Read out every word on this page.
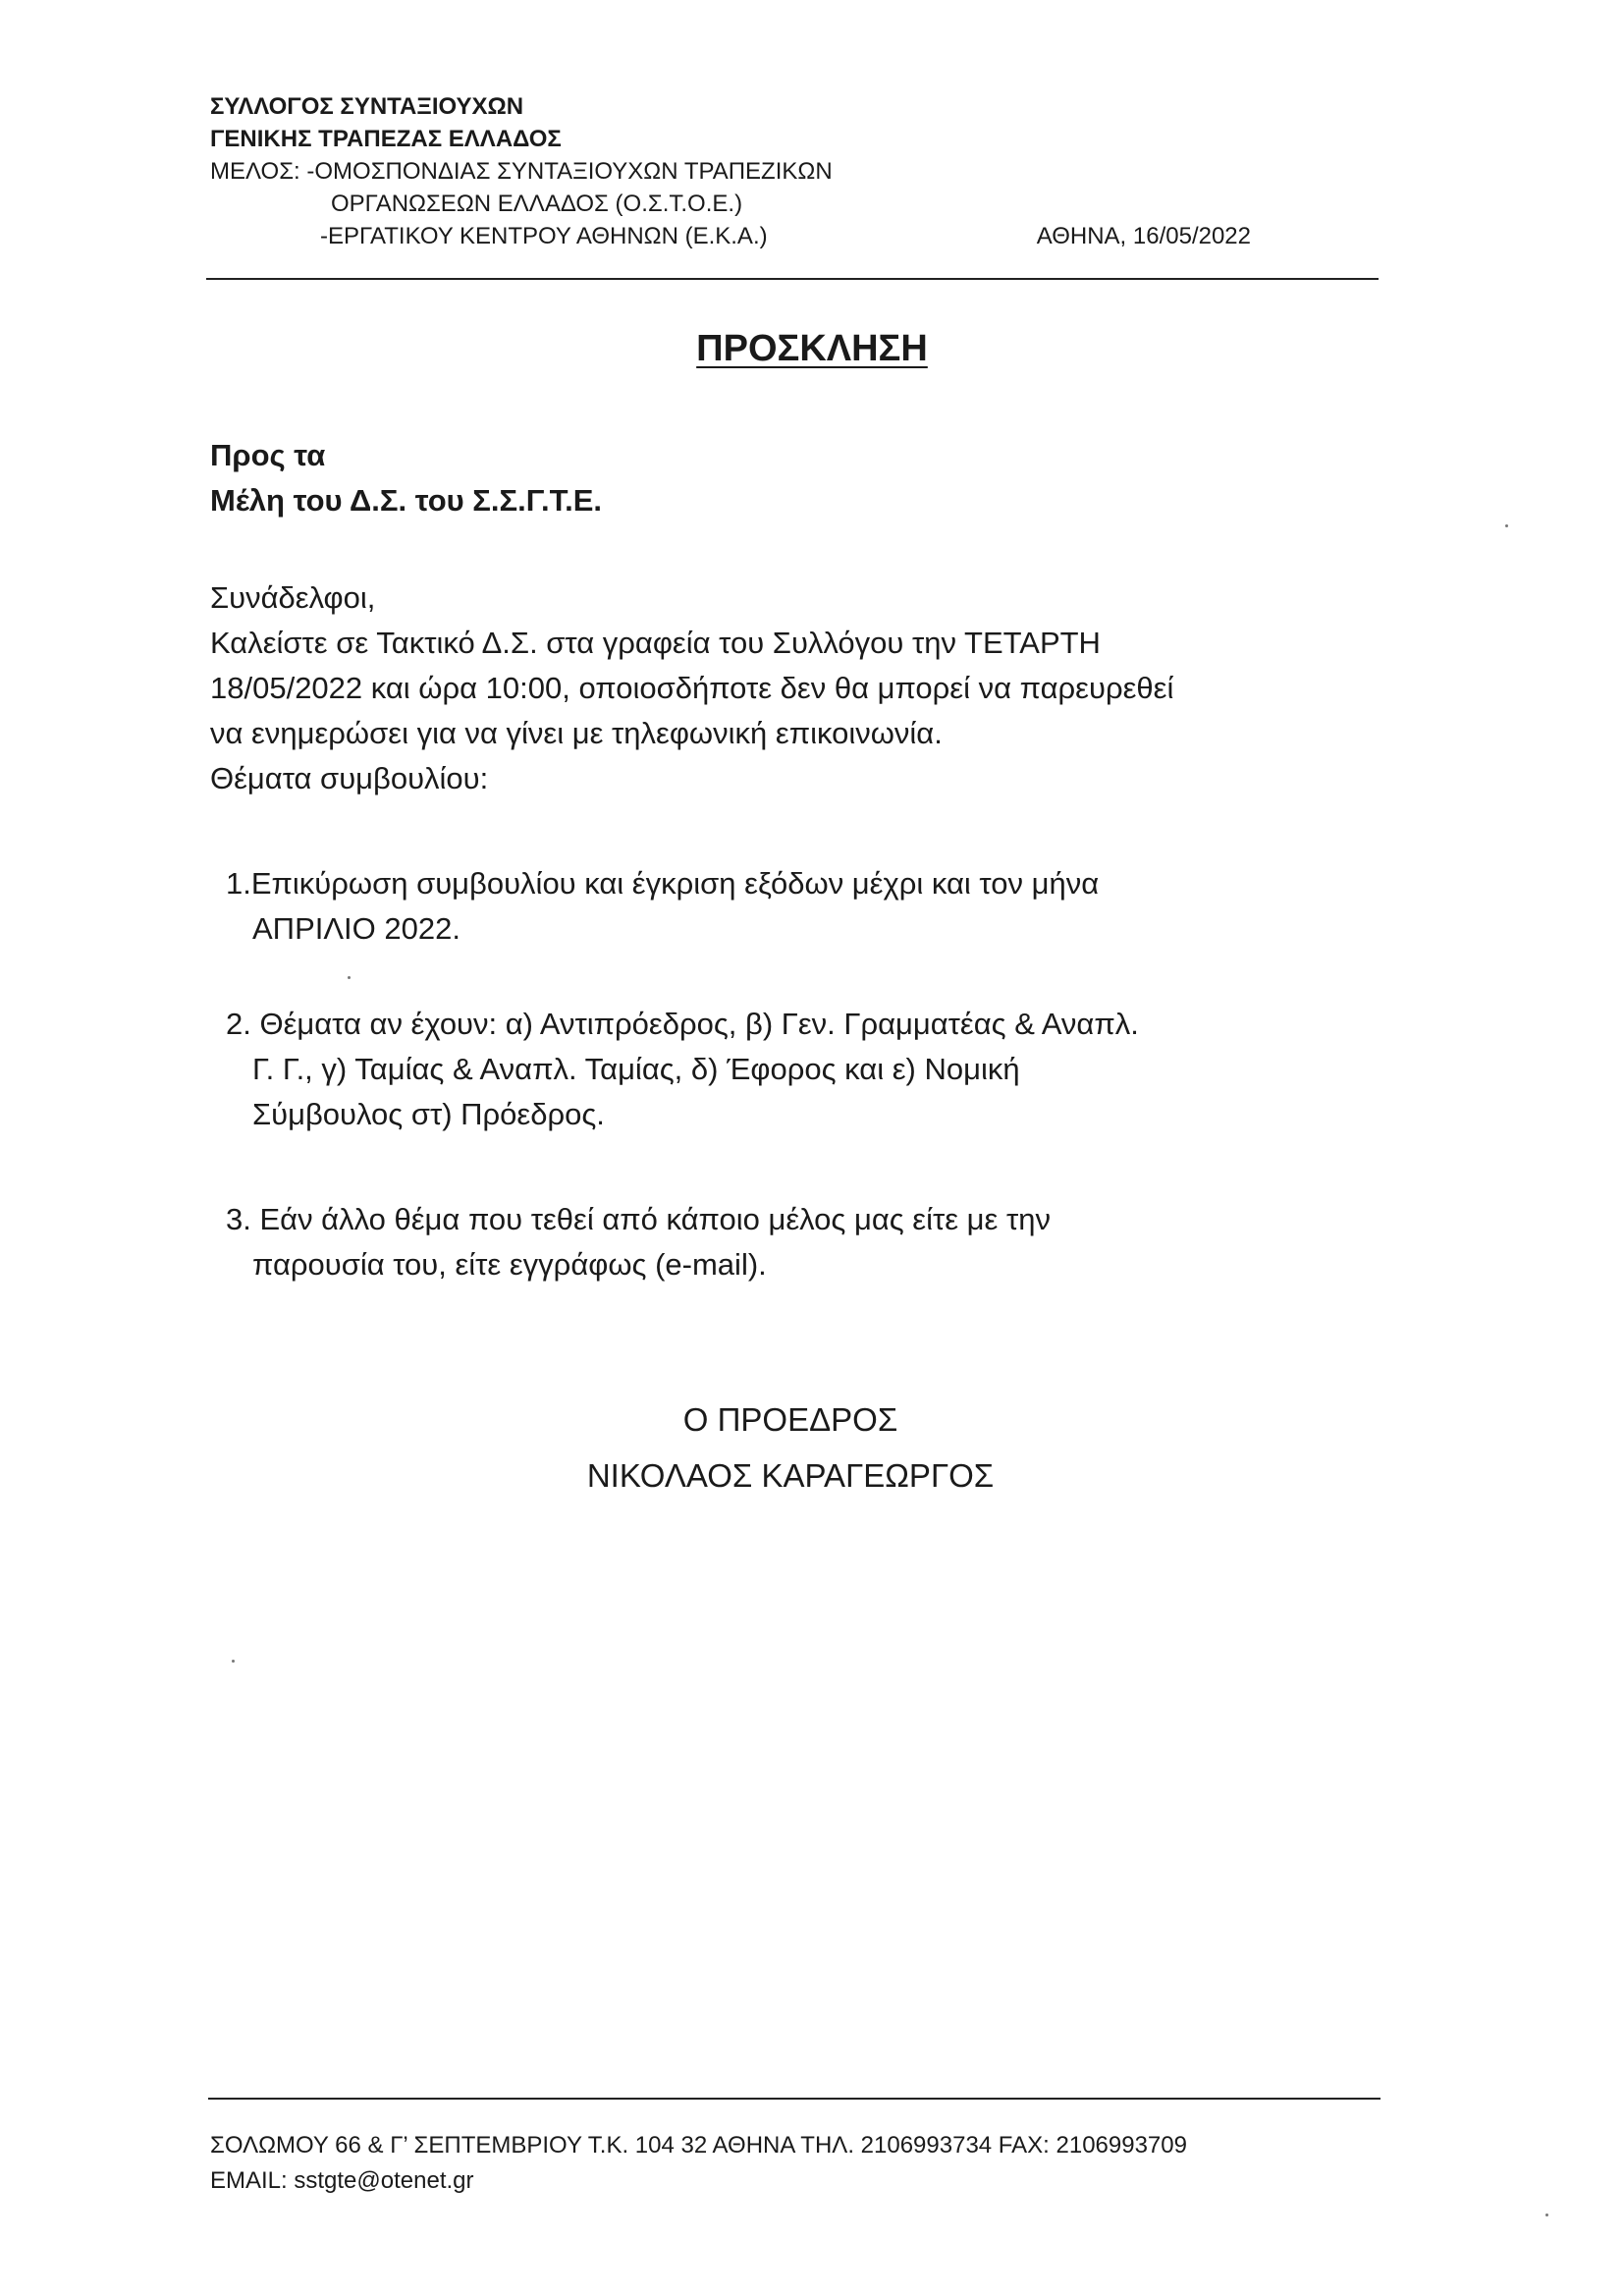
ΣΥΛΛΟΓΟΣ ΣΥΝΤΑΞΙΟΥΧΩΝ
ΓΕΝΙΚΗΣ ΤΡΑΠΕΖΑΣ ΕΛΛΑΔΟΣ
ΜΕΛΟΣ: -ΟΜΟΣΠΟΝΔΙΑΣ ΣΥΝΤΑΞΙΟΥΧΩΝ ΤΡΑΠΕΖΙΚΩΝ
ΟΡΓΑΝΩΣΕΩΝ ΕΛΛΑΔΟΣ (Ο.Σ.Τ.Ο.Ε.)
-ΕΡΓΑΤΙΚΟΥ ΚΕΝΤΡΟΥ ΑΘΗΝΩΝ (Ε.Κ.Α.)	ΑΘΗΝΑ, 16/05/2022
ΠΡΟΣΚΛΗΣΗ
Προς τα
Μέλη του Δ.Σ. του Σ.Σ.Γ.Τ.Ε.
Συνάδελφοι,
Καλείστε σε Τακτικό Δ.Σ. στα γραφεία του Συλλόγου την ΤΕΤΑΡΤΗ
18/05/2022 και ώρα 10:00, οποιοσδήποτε δεν θα μπορεί να παρευρεθεί
να ενημερώσει για να γίνει με τηλεφωνική επικοινωνία.
Θέματα συμβουλίου:
1.Επικύρωση συμβουλίου και έγκριση εξόδων μέχρι και τον μήνα
ΑΠΡΙΛΙΟ 2022.
2. Θέματα αν έχουν: α) Αντιπρόεδρος, β) Γεν. Γραμματέας & Αναπλ.
Γ. Γ., γ) Ταμίας & Αναπλ. Ταμίας, δ) Έφορος και ε) Νομική
Σύμβουλος στ) Πρόεδρος.
3. Εάν άλλο θέμα που τεθεί από κάποιο μέλος μας είτε με την
παρουσία του, είτε εγγράφως (e-mail).
Ο ΠΡΟΕΔΡΟΣ
ΝΙΚΟΛΑΟΣ ΚΑΡΑΓΕΩΡΓΟΣ
ΣΟΛΩΜΟΥ 66 & Γ’ ΣΕΠΤΕΜΒΡΙΟΥ Τ.Κ. 104 32 ΑΘΗΝΑ ΤΗΛ. 2106993734 FAX: 2106993709
EMAIL: sstgte@otenet.gr
